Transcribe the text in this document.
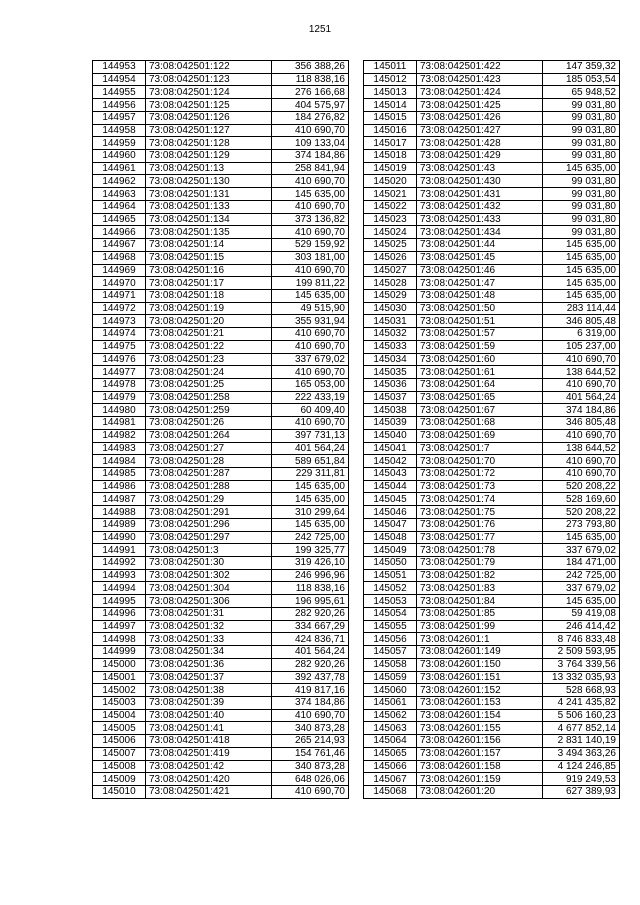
1251
144953	73:08:042501:122	356 388,26
144954	73:08:042501:123	118 838,16
144955	73:08:042501:124	276 166,68
144956	73:08:042501:125	404 575,97
144957	73:08:042501:126	184 276,82
144958	73:08:042501:127	410 690,70
144959	73:08:042501:128	109 133,04
144960	73:08:042501:129	374 184,86
144961	73:08:042501:13	258 841,94
144962	73:08:042501:130	410 690,70
144963	73:08:042501:131	145 635,00
144964	73:08:042501:133	410 690,70
144965	73:08:042501:134	373 136,82
144966	73:08:042501:135	410 690,70
144967	73:08:042501:14	529 159,92
144968	73:08:042501:15	303 181,00
144969	73:08:042501:16	410 690,70
144970	73:08:042501:17	199 811,22
144971	73:08:042501:18	145 635,00
144972	73:08:042501:19	49 515,90
144973	73:08:042501:20	355 931,94
144974	73:08:042501:21	410 690,70
144975	73:08:042501:22	410 690,70
144976	73:08:042501:23	337 679,02
144977	73:08:042501:24	410 690,70
144978	73:08:042501:25	165 053,00
144979	73:08:042501:258	222 433,19
144980	73:08:042501:259	60 409,40
144981	73:08:042501:26	410 690,70
144982	73:08:042501:264	397 731,13
144983	73:08:042501:27	401 564,24
144984	73:08:042501:28	589 651,84
144985	73:08:042501:287	229 311,81
144986	73:08:042501:288	145 635,00
144987	73:08:042501:29	145 635,00
144988	73:08:042501:291	310 299,64
144989	73:08:042501:296	145 635,00
144990	73:08:042501:297	242 725,00
144991	73:08:042501:3	199 325,77
144992	73:08:042501:30	319 426,10
144993	73:08:042501:302	246 996,96
144994	73:08:042501:304	118 838,16
144995	73:08:042501:306	196 995,61
144996	73:08:042501:31	282 920,26
144997	73:08:042501:32	334 667,29
144998	73:08:042501:33	424 836,71
144999	73:08:042501:34	401 564,24
145000	73:08:042501:36	282 920,26
145001	73:08:042501:37	392 437,78
145002	73:08:042501:38	419 817,16
145003	73:08:042501:39	374 184,86
145004	73:08:042501:40	410 690,70
145005	73:08:042501:41	340 873,28
145006	73:08:042501:418	265 214,93
145007	73:08:042501:419	154 761,46
145008	73:08:042501:42	340 873,28
145009	73:08:042501:420	648 026,06
145010	73:08:042501:421	410 690,70
145011	73:08:042501:422	147 359,32
145012	73:08:042501:423	185 053,54
145013	73:08:042501:424	65 948,52
145014	73:08:042501:425	99 031,80
145015	73:08:042501:426	99 031,80
145016	73:08:042501:427	99 031,80
145017	73:08:042501:428	99 031,80
145018	73:08:042501:429	99 031,80
145019	73:08:042501:43	145 635,00
145020	73:08:042501:430	99 031,80
145021	73:08:042501:431	99 031,80
145022	73:08:042501:432	99 031,80
145023	73:08:042501:433	99 031,80
145024	73:08:042501:434	99 031,80
145025	73:08:042501:44	145 635,00
145026	73:08:042501:45	145 635,00
145027	73:08:042501:46	145 635,00
145028	73:08:042501:47	145 635,00
145029	73:08:042501:48	145 635,00
145030	73:08:042501:50	283 114,44
145031	73:08:042501:51	346 805,48
145032	73:08:042501:57	6 319,00
145033	73:08:042501:59	105 237,00
145034	73:08:042501:60	410 690,70
145035	73:08:042501:61	138 644,52
145036	73:08:042501:64	410 690,70
145037	73:08:042501:65	401 564,24
145038	73:08:042501:67	374 184,86
145039	73:08:042501:68	346 805,48
145040	73:08:042501:69	410 690,70
145041	73:08:042501:7	138 644,52
145042	73:08:042501:70	410 690,70
145043	73:08:042501:72	410 690,70
145044	73:08:042501:73	520 208,22
145045	73:08:042501:74	528 169,60
145046	73:08:042501:75	520 208,22
145047	73:08:042501:76	273 793,80
145048	73:08:042501:77	145 635,00
145049	73:08:042501:78	337 679,02
145050	73:08:042501:79	184 471,00
145051	73:08:042501:82	242 725,00
145052	73:08:042501:83	337 679,02
145053	73:08:042501:84	145 635,00
145054	73:08:042501:85	59 419,08
145055	73:08:042501:99	246 414,42
145056	73:08:042601:1	8 746 833,48
145057	73:08:042601:149	2 509 593,95
145058	73:08:042601:150	3 764 339,56
145059	73:08:042601:151	13 332 035,93
145060	73:08:042601:152	528 668,93
145061	73:08:042601:153	4 241 435,82
145062	73:08:042601:154	5 506 160,23
145063	73:08:042601:155	4 677 852,14
145064	73:08:042601:156	2 831 140,19
145065	73:08:042601:157	3 494 363,26
145066	73:08:042601:158	4 124 246,85
145067	73:08:042601:159	919 249,53
145068	73:08:042601:20	627 389,93
